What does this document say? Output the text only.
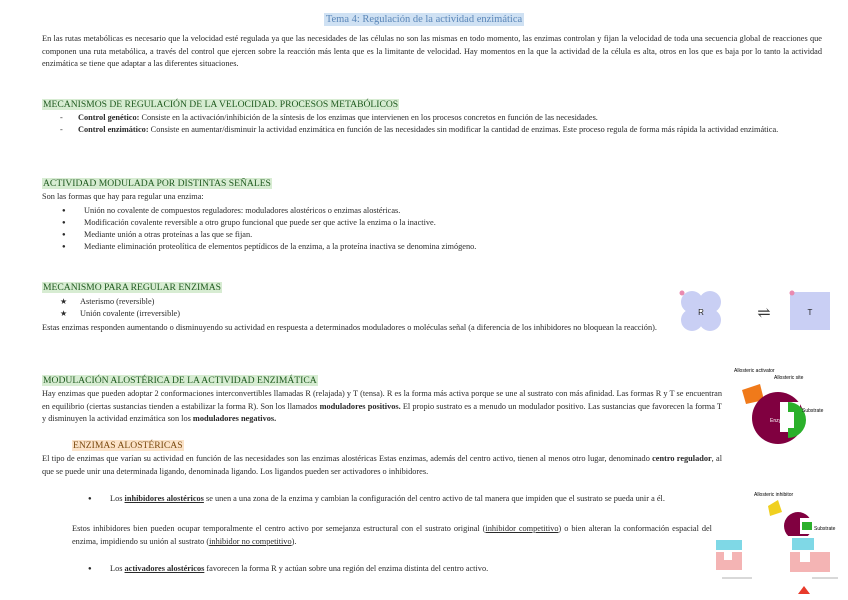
Tema 4: Regulación de la actividad enzimática

En las rutas metabólicas es necesario que la velocidad esté regulada ya que las necesidades de las células no son las mismas en todo momento, las enzimas controlan y fijan la velocidad de toda una secuencia global de reacciones que componen una ruta metabólica, a través del control que ejercen sobre la reacción más lenta que es la limitante de velocidad. Hay momentos en la que la actividad de la célula es alta, otros en los que es baja por lo tanto la actividad enzimática se tiene que adaptar a las diferentes situaciones.

MECANISMOS DE REGULACIÓN DE LA VELOCIDAD. PROCESOS METABÓLICOS
- Control genético: Consiste en la activación/inhibición de la síntesis de los enzimas que intervienen en los procesos concretos en función de las necesidades.
- Control enzimático: Consiste en aumentar/disminuir la actividad enzimática en función de las necesidades sin modificar la cantidad de enzimas. Este proceso regula de forma más rápida la actividad enzimática.
ACTIVIDAD MODULADA POR DISTINTAS SEÑALES
Son las formas que hay para regular una enzima:
● Unión no covalente de compuestos reguladores: moduladores alostéricos o enzimas alostéricas.
● Modificación covalente reversible a otro grupo funcional que puede ser que active la enzima o la inactive.
● Mediante unión a otras proteínas a las que se fijan.
● Mediante eliminación proteolítica de elementos peptídicos de la enzima, a la proteína inactiva se denomina zimógeno.
MECANISMO PARA REGULAR ENZIMAS
★ Asterismo (reversible)
★ Unión covalente (irreversible)

Estas enzimas responden aumentando o disminuyendo su actividad en respuesta a determinados moduladores o moléculas señal (a diferencia de los inhibidores no bloquean la reacción).

R	⇌	T
MODULACIÓN ALOSTÉRICA DE LA ACTIVIDAD ENZIMÁTICA

Hay enzimas que pueden adoptar 2 conformaciones interconvertibles llamadas R (relajada) y T (tensa). R es la forma más activa porque se une al sustrato con más afinidad. Las formas R y T se encuentran en equilibrio (ciertas sustancias tienden a estabilizar la forma R). Son los llamados moduladores positivos. El propio sustrato es a menudo un modulador positivo. Las sustancias que favorecen la forma T y disminuyen la actividad enzimática son los moduladores negativos.

Allosteric activator
Allosteric site
Enzyme
Substrate
ENZIMAS ALOSTÉRICAS

El tipo de enzimas que varían su actividad en función de las necesidades son las enzimas alostéricas Estas enzimas, además del centro activo, tienen al menos otro lugar, denominado centro regulador, al que se puede unir una determinada ligando, denominada ligando. Los ligandos pueden ser activadores o inhibidores.

● Los inhibidores alostéricos se unen a una zona de la enzima y cambian la configuración del centro activo de tal manera que impiden que el sustrato se pueda unir a él.

Estos inhibidores bien pueden ocupar temporalmente el centro activo por semejanza estructural con el sustrato original (inhibidor competitivo) o bien alteran la conformación espacial del enzima, impidiendo su unión al sustrato (inhibidor no competitivo).

● Los activadores alostéricos favorecen la forma R y actúan sobre una región del enzima distinta del centro activo.
Allosteric inhibitor
Substrate
